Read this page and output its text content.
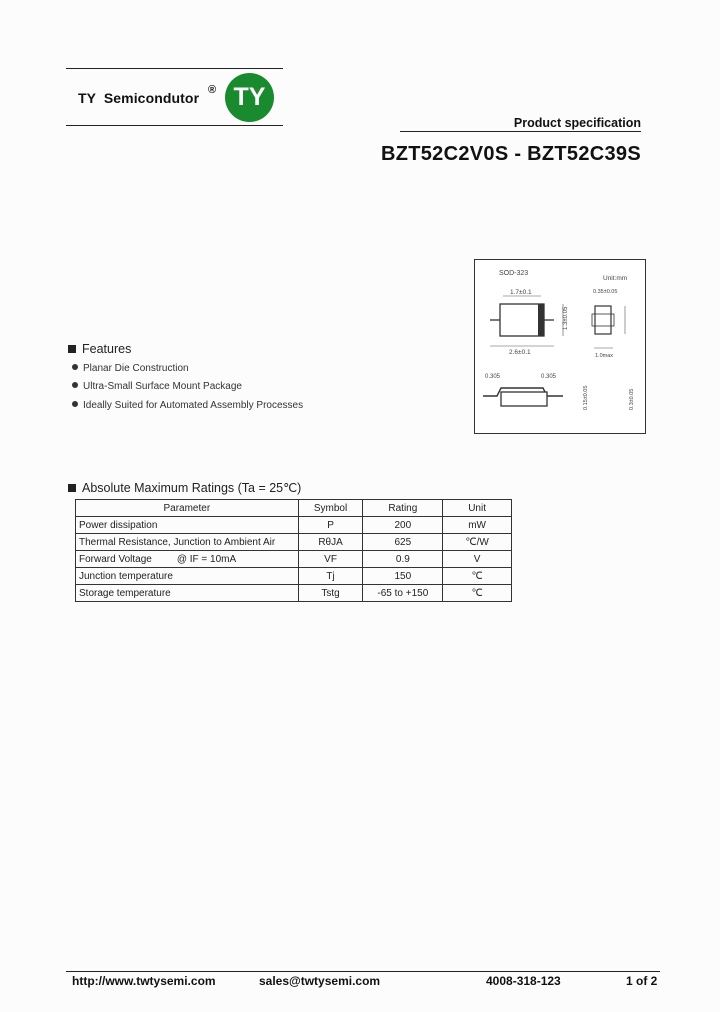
TY  Semicondutor ® TY
Product specification
BZT52C2V0S - BZT52C39S
SOD-323
Unit:mm
1.7±0.1
2.6±0.1
1.3±0.05
0.35±0.05
1.0max
0.305	0.305
0.15±0.05	0.3±0.05
Features
Planar Die Construction
Ultra-Small Surface Mount Package
Ideally Suited for Automated Assembly Processes
Absolute Maximum Ratings (Ta = 25℃)
Parameter	Symbol	Rating	Unit
Power dissipation	P	200	mW
Thermal Resistance, Junction to Ambient Air	RθJA	625	℃/W
Forward Voltage         @ IF = 10mA	VF	0.9	V
Junction temperature	Tj	150	℃
Storage temperature	Tstg	-65 to +150	℃
http://www.twtysemi.com	sales@twtysemi.com	4008-318-123	1 of 2
